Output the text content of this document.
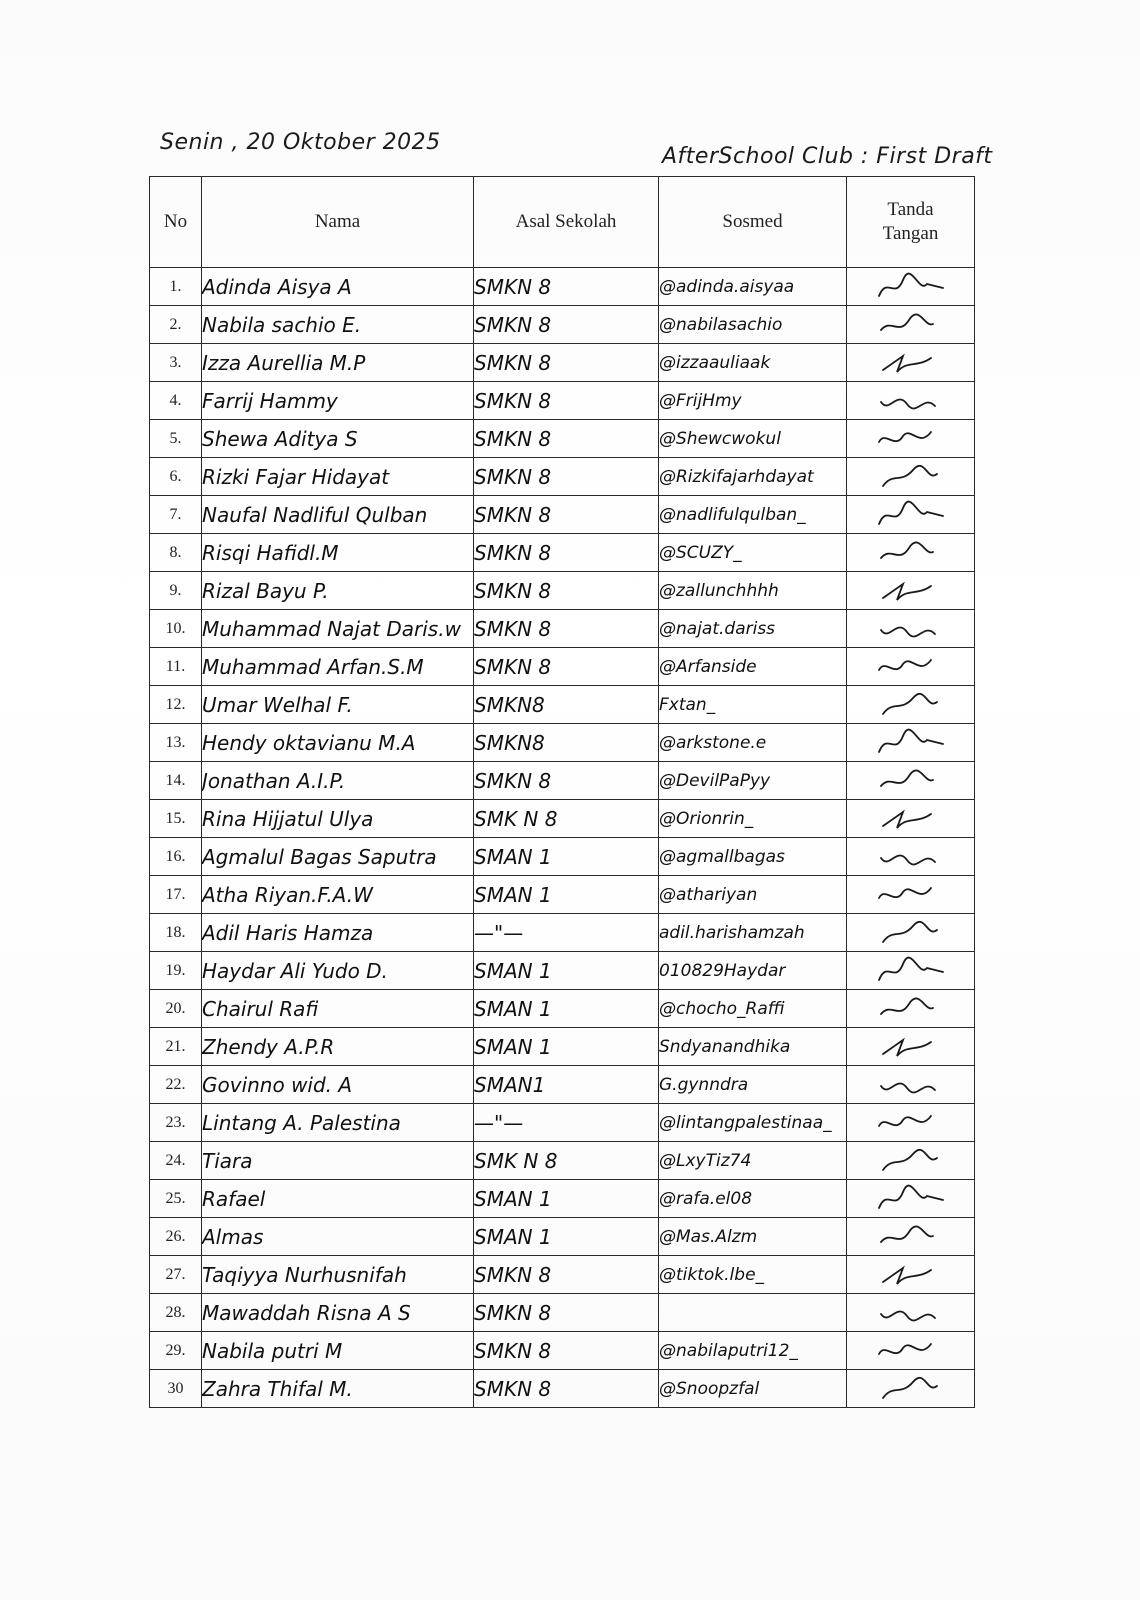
Senin , 20 Oktober 2025
AfterSchool Club : First Draft
No	Nama	Asal Sekolah	Sosmed	Tanda
Tangan

1.	Adinda Aisya A	SMKN 8	@adinda.aisyaa	

2.	Nabila sachio E.	SMKN 8	@nabilasachio	

3.	Izza Aurellia M.P	SMKN 8	@izzaauliaak	

4.	Farrij Hammy	SMKN 8	@FrijHmy	

5.	Shewa Aditya S	SMKN 8	@Shewcwokul	

6.	Rizki Fajar Hidayat	SMKN 8	@Rizkifajarhdayat	

7.	Naufal Nadliful Qulban	SMKN 8	@nadlifulqulban_	

8.	Risqi Hafidl.M	SMKN 8	@SCUZY_	

9.	Rizal Bayu P.	SMKN 8	@zallunchhhh	

10.	Muhammad Najat Daris.w	SMKN 8	@najat.dariss	

11.	Muhammad Arfan.S.M	SMKN 8	@Arfanside	

12.	Umar Welhal F.	SMKN8	Fxtan_	

13.	Hendy oktavianu M.A	SMKN8	@arkstone.e	

14.	Jonathan A.I.P.	SMKN 8	@DevilPaPyy	

15.	Rina Hijjatul Ulya	SMK N 8	@Orionrin_	

16.	Agmalul Bagas Saputra	SMAN 1	@agmallbagas	

17.	Atha Riyan.F.A.W	SMAN 1	@athariyan	

18.	Adil Haris Hamza	—"—	adil.harishamzah	

19.	Haydar Ali Yudo D.	SMAN 1	010829Haydar	

20.	Chairul Rafi	SMAN 1	@chocho_Raffi	

21.	Zhendy A.P.R	SMAN 1	Sndyanandhika	

22.	Govinno wid. A	SMAN1	G.gynndra	

23.	Lintang A. Palestina	—"—	@lintangpalestinaa_	

24.	Tiara	SMK N 8	@LxyTiz74	

25.	Rafael	SMAN 1	@rafa.el08	

26.	Almas	SMAN 1	@Mas.Alzm	

27.	Taqiyya Nurhusnifah	SMKN 8	@tiktok.lbe_	

28.	Mawaddah Risna A S	SMKN 8		

29.	Nabila putri M	SMKN 8	@nabilaputri12_	

30	Zahra Thifal M.	SMKN 8	@Snoopzfal	
